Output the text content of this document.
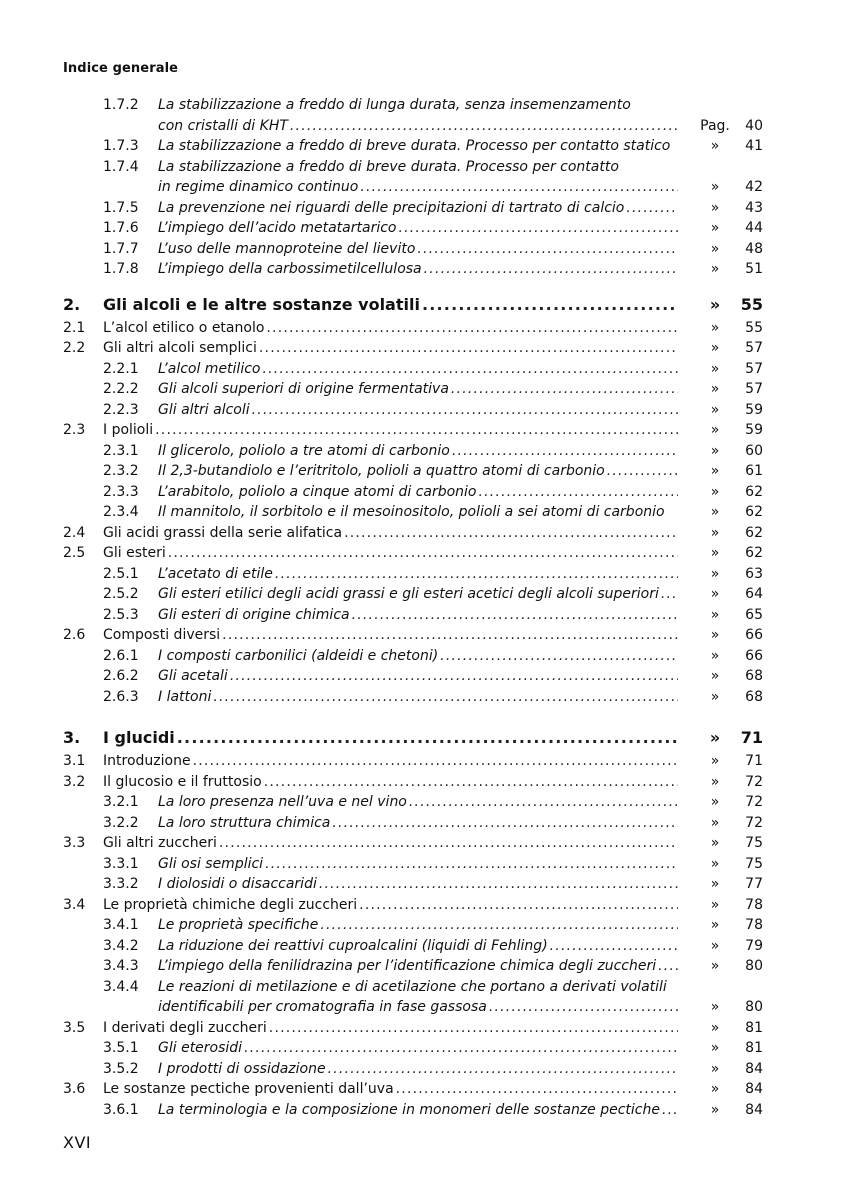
Indice generale
1.7.2 La stabilizzazione a freddo di lunga durata, senza insemenzamento
con cristalli di KHT .....	Pag.	40
1.7.3 La stabilizzazione a freddo di breve durata. Processo per contatto statico	»	41
1.7.4 La stabilizzazione a freddo di breve durata. Processo per contatto
in regime dinamico continuo .....	»	42
1.7.5 La prevenzione nei riguardi delle precipitazioni di tartrato di calcio .....	»	43
1.7.6 L’impiego dell’acido metatartarico .....	»	44
1.7.7 L’uso delle mannoproteine del lievito .....	»	48
1.7.8 L’impiego della carbossimetilcellulosa .....	»	51
2. Gli alcoli e le altre sostanze volatili .....	»	55
2.1 L’alcol etilico o etanolo .....	»	55
2.2 Gli altri alcoli semplici .....	»	57
2.2.1 L’alcol metilico .....	»	57
2.2.2 Gli alcoli superiori di origine fermentativa .....	»	57
2.2.3 Gli altri alcoli .....	»	59
2.3 I polioli .....	»	59
2.3.1 Il glicerolo, poliolo a tre atomi di carbonio .....	»	60
2.3.2 Il 2,3-butandiolo e l’eritritolo, polioli a quattro atomi di carbonio .....	»	61
2.3.3 L’arabitolo, poliolo a cinque atomi di carbonio .....	»	62
2.3.4 Il mannitolo, il sorbitolo e il mesoinositolo, polioli a sei atomi di carbonio	»	62
2.4 Gli acidi grassi della serie alifatica .....	»	62
2.5 Gli esteri .....	»	62
2.5.1 L’acetato di etile .....	»	63
2.5.2 Gli esteri etilici degli acidi grassi e gli esteri acetici degli alcoli superiori .....	»	64
2.5.3 Gli esteri di origine chimica .....	»	65
2.6 Composti diversi .....	»	66
2.6.1 I composti carbonilici (aldeidi e chetoni) .....	»	66
2.6.2 Gli acetali .....	»	68
2.6.3 I lattoni .....	»	68
3. I glucidi .....	»	71
3.1 Introduzione .....	»	71
3.2 Il glucosio e il fruttosio .....	»	72
3.2.1 La loro presenza nell’uva e nel vino .....	»	72
3.2.2 La loro struttura chimica .....	»	72
3.3 Gli altri zuccheri .....	»	75
3.3.1 Gli osi semplici .....	»	75
3.3.2 I diolosidi o disaccaridi .....	»	77
3.4 Le proprietà chimiche degli zuccheri .....	»	78
3.4.1 Le proprietà specifiche .....	»	78
3.4.2 La riduzione dei reattivi cuproalcalini (liquidi di Fehling) .....	»	79
3.4.3 L’impiego della fenilidrazina per l’identificazione chimica degli zuccheri .....	»	80
3.4.4 Le reazioni di metilazione e di acetilazione che portano a derivati volatili
identificabili per cromatografia in fase gassosa .....	»	80
3.5 I derivati degli zuccheri .....	»	81
3.5.1 Gli eterosidi .....	»	81
3.5.2 I prodotti di ossidazione .....	»	84
3.6 Le sostanze pectiche provenienti dall’uva .....	»	84
3.6.1 La terminologia e la composizione in monomeri delle sostanze pectiche .....	»	84
XVI
